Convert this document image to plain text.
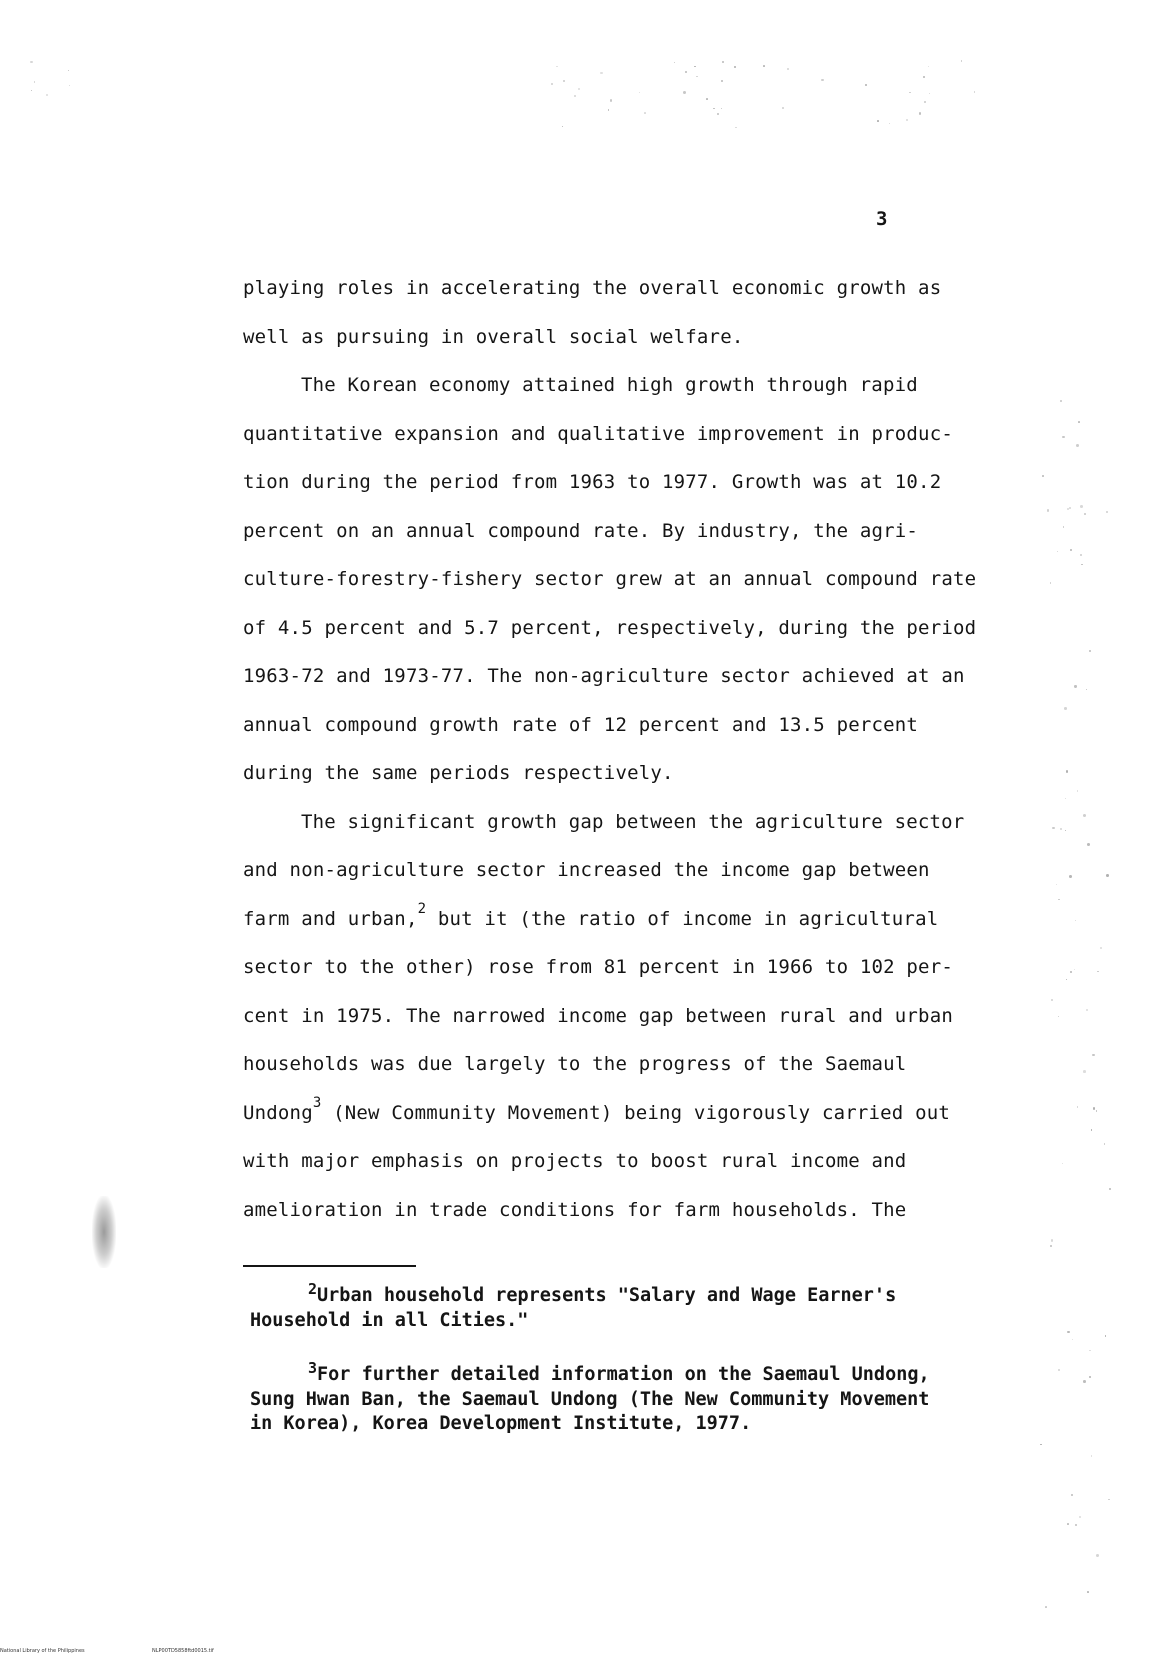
3
playing roles in accelerating the overall economic growth as
well as pursuing in overall social welfare.
The Korean economy attained high growth through rapid
quantitative expansion and qualitative improvement in produc-
tion during the period from 1963 to 1977. Growth was at 10.2
percent on an annual compound rate. By industry, the agri-
culture-forestry-fishery sector grew at an annual compound rate
of 4.5 percent and 5.7 percent, respectively, during the period
1963-72 and 1973-77. The non-agriculture sector achieved at an
annual compound growth rate of 12 percent and 13.5 percent
during the same periods respectively.
The significant growth gap between the agriculture sector
and non-agriculture sector increased the income gap between
farm and urban,$^2$ but it (the ratio of income in agricultural
sector to the other) rose from 81 percent in 1966 to 102 per-
cent in 1975. The narrowed income gap between rural and urban
households was due largely to the progress of the Saemaul
Undong$^3$ (New Community Movement) being vigorously carried out
with major emphasis on projects to boost rural income and
amelioration in trade conditions for farm households. The
$^2$Urban household represents "Salary and Wage Earner's
Household in all Cities."
$^3$For further detailed information on the Saemaul Undong,
Sung Hwan Ban, the Saemaul Undong (The New Community Movement
in Korea), Korea Development Institute, 1977.
National Library of the Philippines	NLP00TD5858ftd0015.tif
